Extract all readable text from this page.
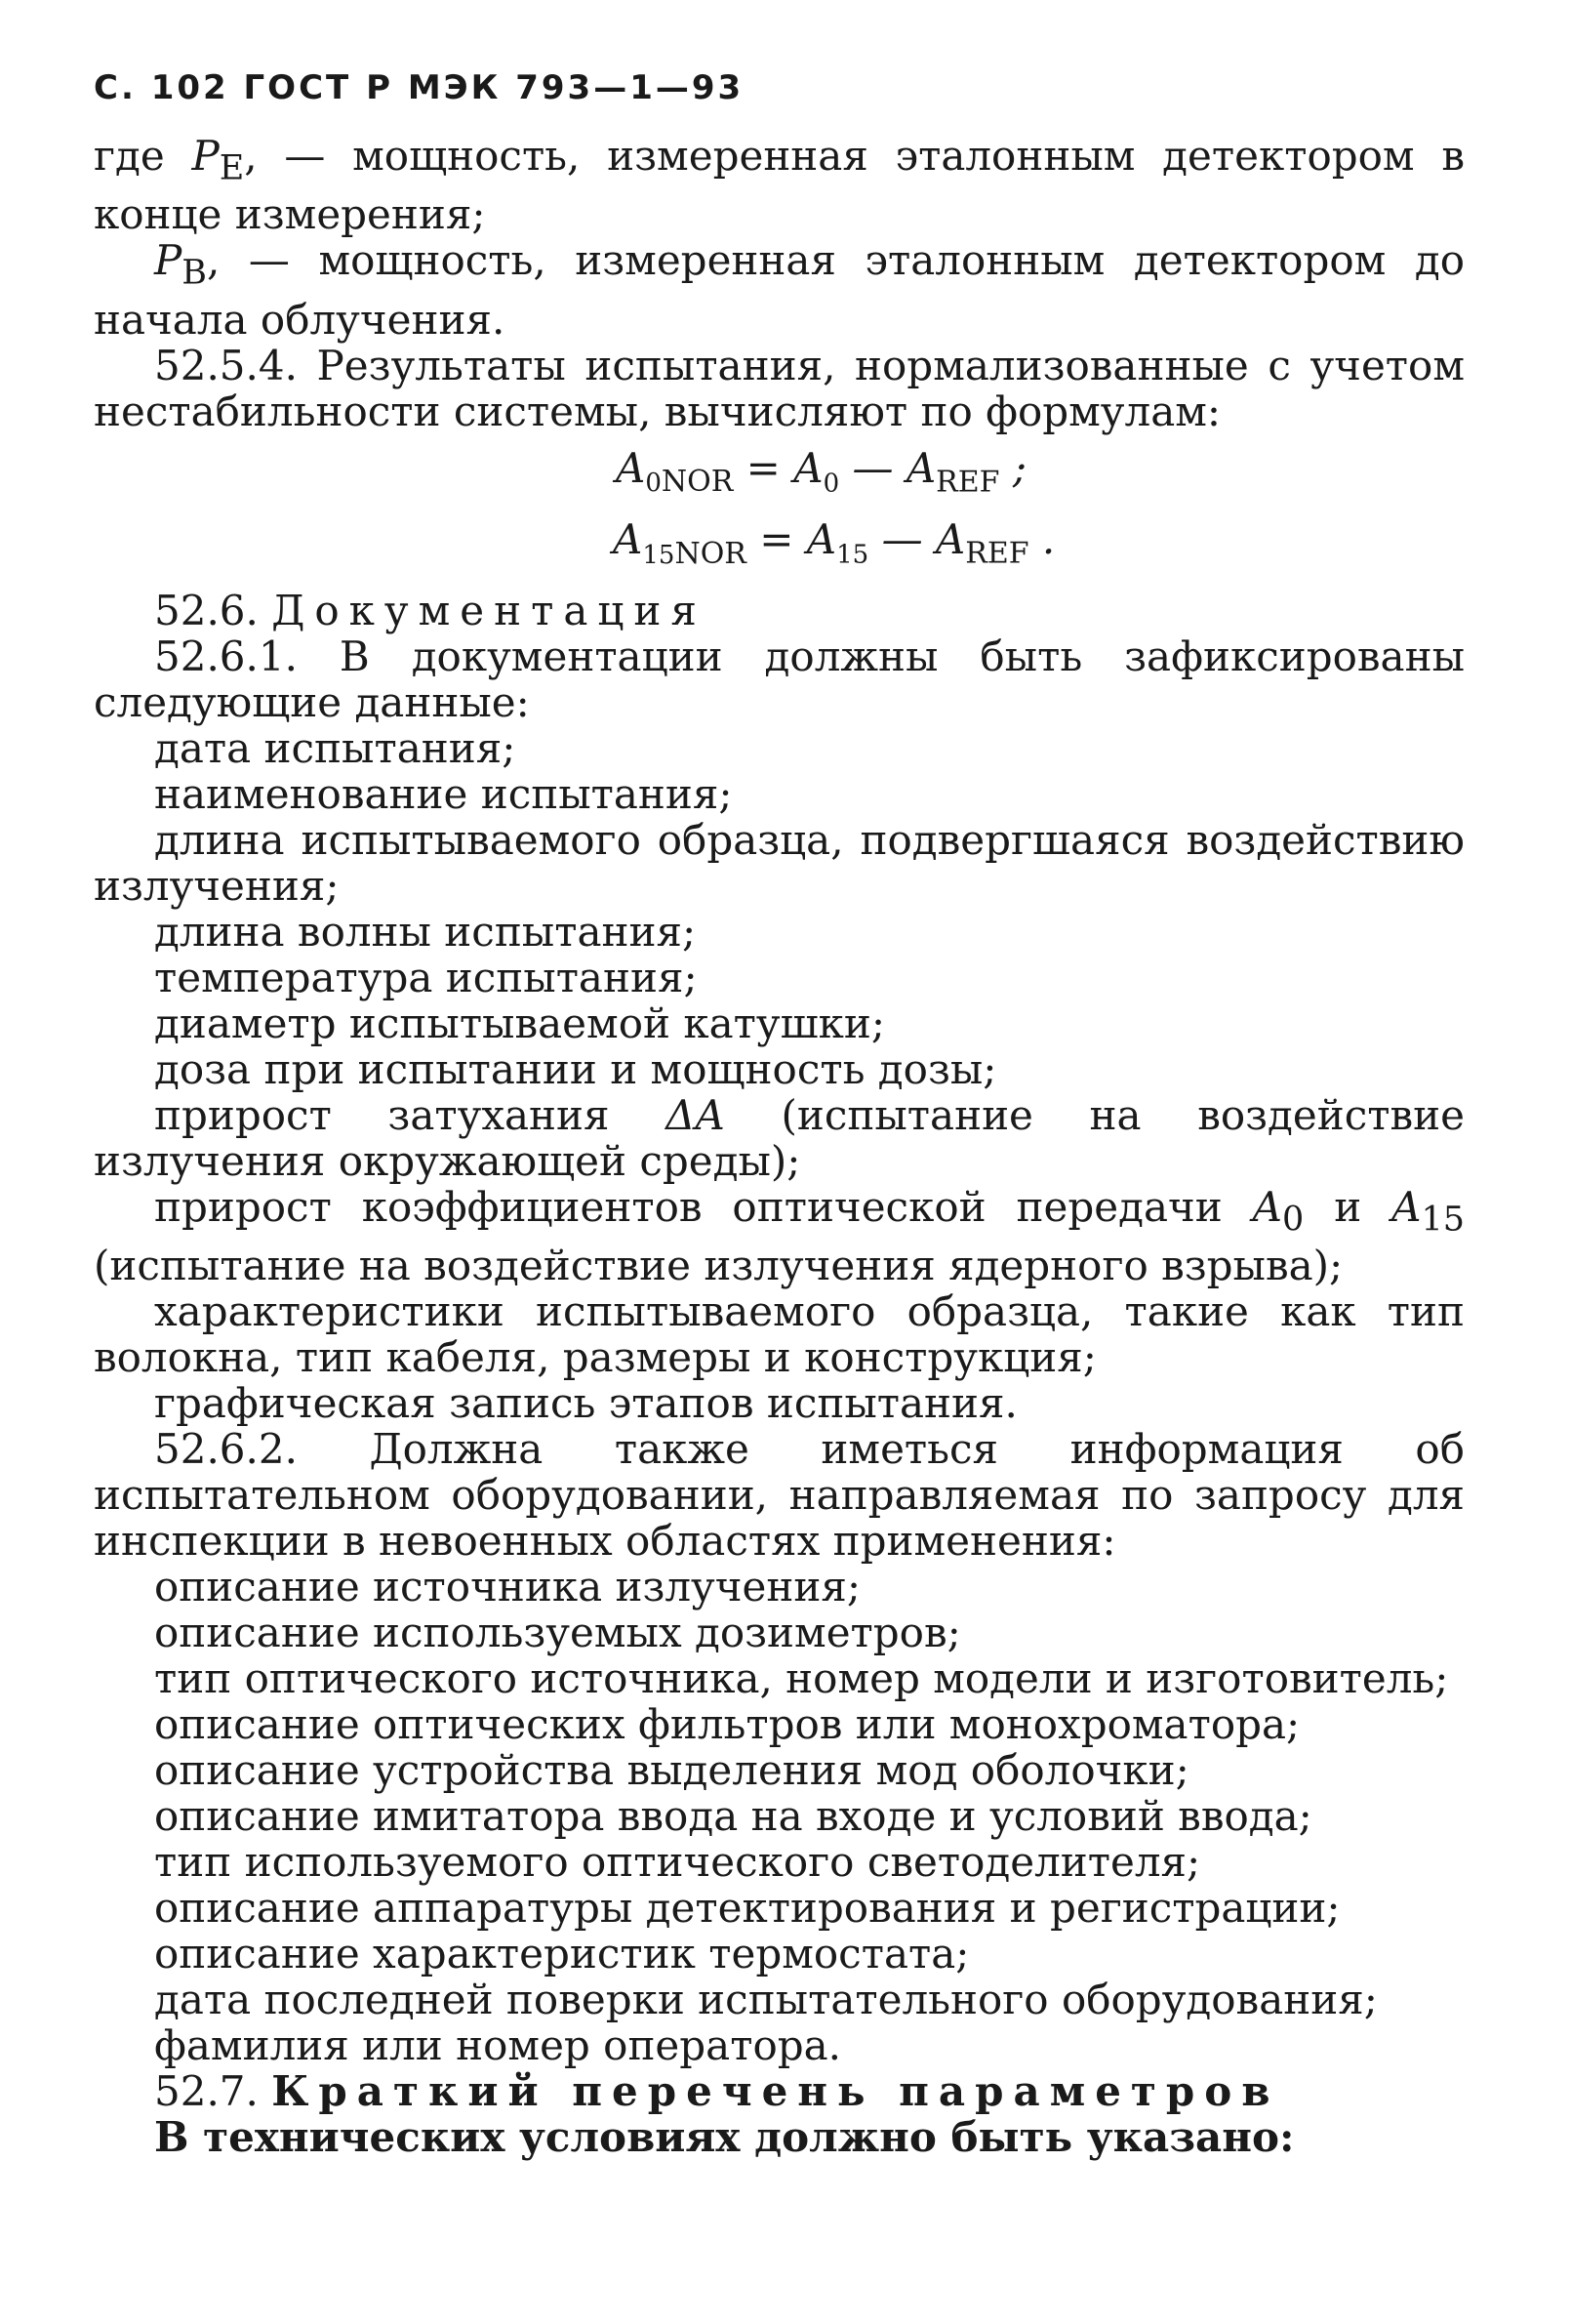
С. 102 ГОСТ Р МЭК 793—1—93
где $P_E$, — мощность, измеренная эталонным детектором в конце измерения;
$P_B$, — мощность, измеренная эталонным детектором до начала облучения.
52.5.4. Результаты испытания, нормализованные с учетом нестабильности системы, вычисляют по формулам:
$A_{0NOR} = A_0$ — $A_{REF}$ ;
$A_{15NOR} = A_{15}$ — $A_{REF}$ .
52.6. Документация
52.6.1. В документации должны быть зафиксированы следующие данные:
дата испытания;
наименование испытания;
длина испытываемого образца, подвергшаяся воздействию излучения;
длина волны испытания;
температура испытания;
диаметр испытываемой катушки;
доза при испытании и мощность дозы;
прирост затухания ΔA (испытание на воздействие излучения окружающей среды);
прирост коэффициентов оптической передачи $A_0$ и $A_{15}$ (испытание на воздействие излучения ядерного взрыва);
характеристики испытываемого образца, такие как тип волокна, тип кабеля, размеры и конструкция;
графическая запись этапов испытания.
52.6.2. Должна также иметься информация об испытательном оборудовании, направляемая по запросу для инспекции в невоенных областях применения:
описание источника излучения;
описание используемых дозиметров;
тип оптического источника, номер модели и изготовитель;
описание оптических фильтров или монохроматора;
описание устройства выделения мод оболочки;
описание имитатора ввода на входе и условий ввода;
тип используемого оптического светоделителя;
описание аппаратуры детектирования и регистрации;
описание характеристик термостата;
дата последней поверки испытательного оборудования;
фамилия или номер оператора.
52.7. Краткий перечень параметров
В технических условиях должно быть указано:
